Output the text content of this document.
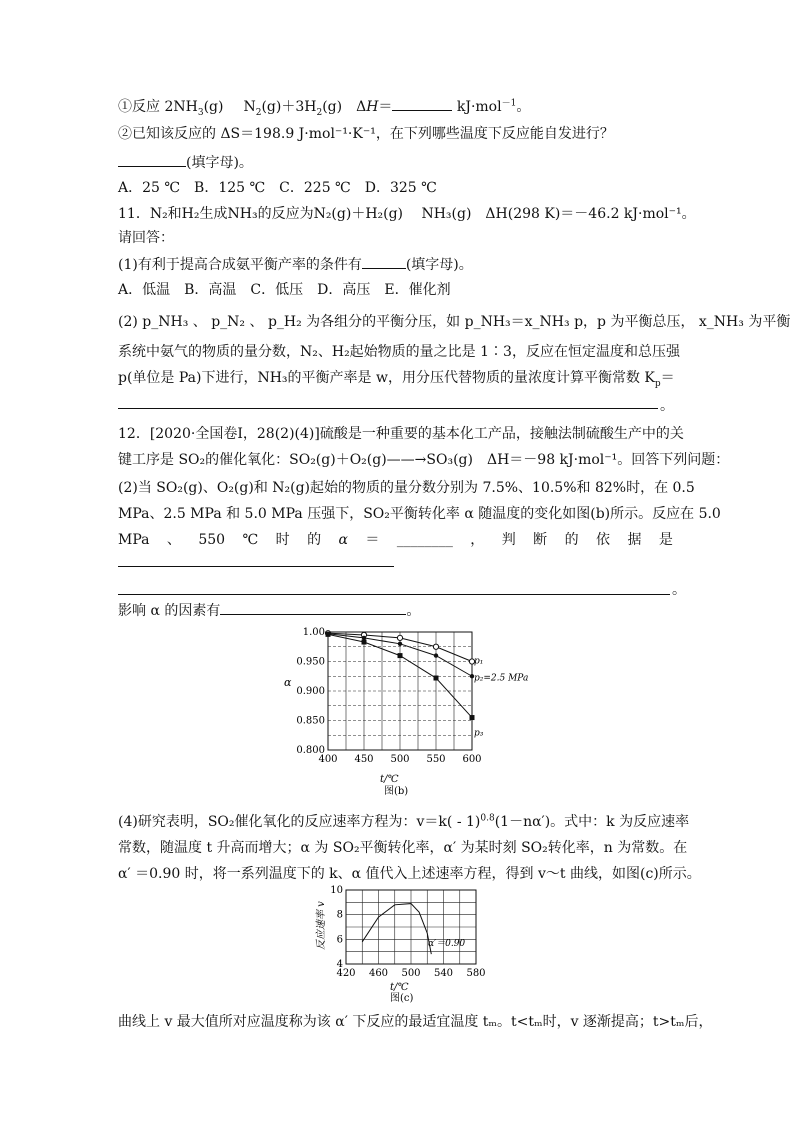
①反应 $2NH_3(g)$ $N_2(g)+3H_2(g)$　ΔH＝	kJ·mol$^{-1}$。
②已知该反应的 ΔS＝198.9 J·mol⁻¹·K⁻¹，在下列哪些温度下反应能自发进行？
(填字母)。
A．25 ℃　 B．125 ℃　 C．225 ℃　 D．325 ℃
11．N₂和H₂生成NH₃的反应为N₂(g)＋H₂(g)　 NH₃(g)　ΔH(298 K)＝－46.2 kJ·mol⁻¹。
请回答：
(1)有利于提高合成氨平衡产率的条件有	(填字母)。
A．低温　 B．高温　 C．低压　 D．高压　 E．催化剂
(2) p_NH₃ 、 p_N₂ 、 p_H₂ 为各组分的平衡分压，如 p_NH₃＝x_NH₃ p，p 为平衡总压， x_NH₃ 为平衡
系统中氨气的物质的量分数，N₂、H₂起始物质的量之比是 1∶3，反应在恒定温度和总压强
p(单位是 Pa)下进行，NH₃的平衡产率是 w，用分压代替物质的量浓度计算平衡常数 $K_p=$
。
12．[2020·全国卷Ⅰ，28(2)(4)]硫酸是一种重要的基本化工产品，接触法制硫酸生产中的关
键工序是 SO₂的催化氧化：SO₂(g)＋O₂(g)——→SO₃(g)　ΔH＝－98 kJ·mol⁻¹。回答下列问题：
(2)当 SO₂(g)、O₂(g)和 N₂(g)起始的物质的量分数分别为 7.5%、10.5%和 82%时，在 0.5
MPa、2.5 MPa 和 5.0 MPa 压强下，SO₂平衡转化率 α 随温度的变化如图(b)所示。反应在 5.0
MPa 、 550 ℃ 时 的 α ＝ ________ ， 判 断 的 依 据 是
。
影响 α 的因素有	。
0.800
0.850
0.900
0.950
1.00
400 450 500 550 600
p₁
p₂=2.5 MPa
p₃
α
t/℃
图(b)
(4)研究表明，SO₂催化氧化的反应速率方程为：v＝k( - 1)$^{0.8}$(1－nα′)。式中：k 为反应速率
常数，随温度 t 升高而增大；α 为 SO₂平衡转化率，α′ 为某时刻 SO₂转化率，n 为常数。在
α′ ＝0.90 时，将一系列温度下的 k、α 值代入上述速率方程，得到 v～t 曲线，如图(c)所示。
4
6
8
10
420 460 500 540 580
反应速率 v	α′＝0.90
t/℃
图(c)
曲线上 v 最大值所对应温度称为该 α′ 下反应的最适宜温度 tₘ。t<tₘ时，v 逐渐提高；t>tₘ后，
